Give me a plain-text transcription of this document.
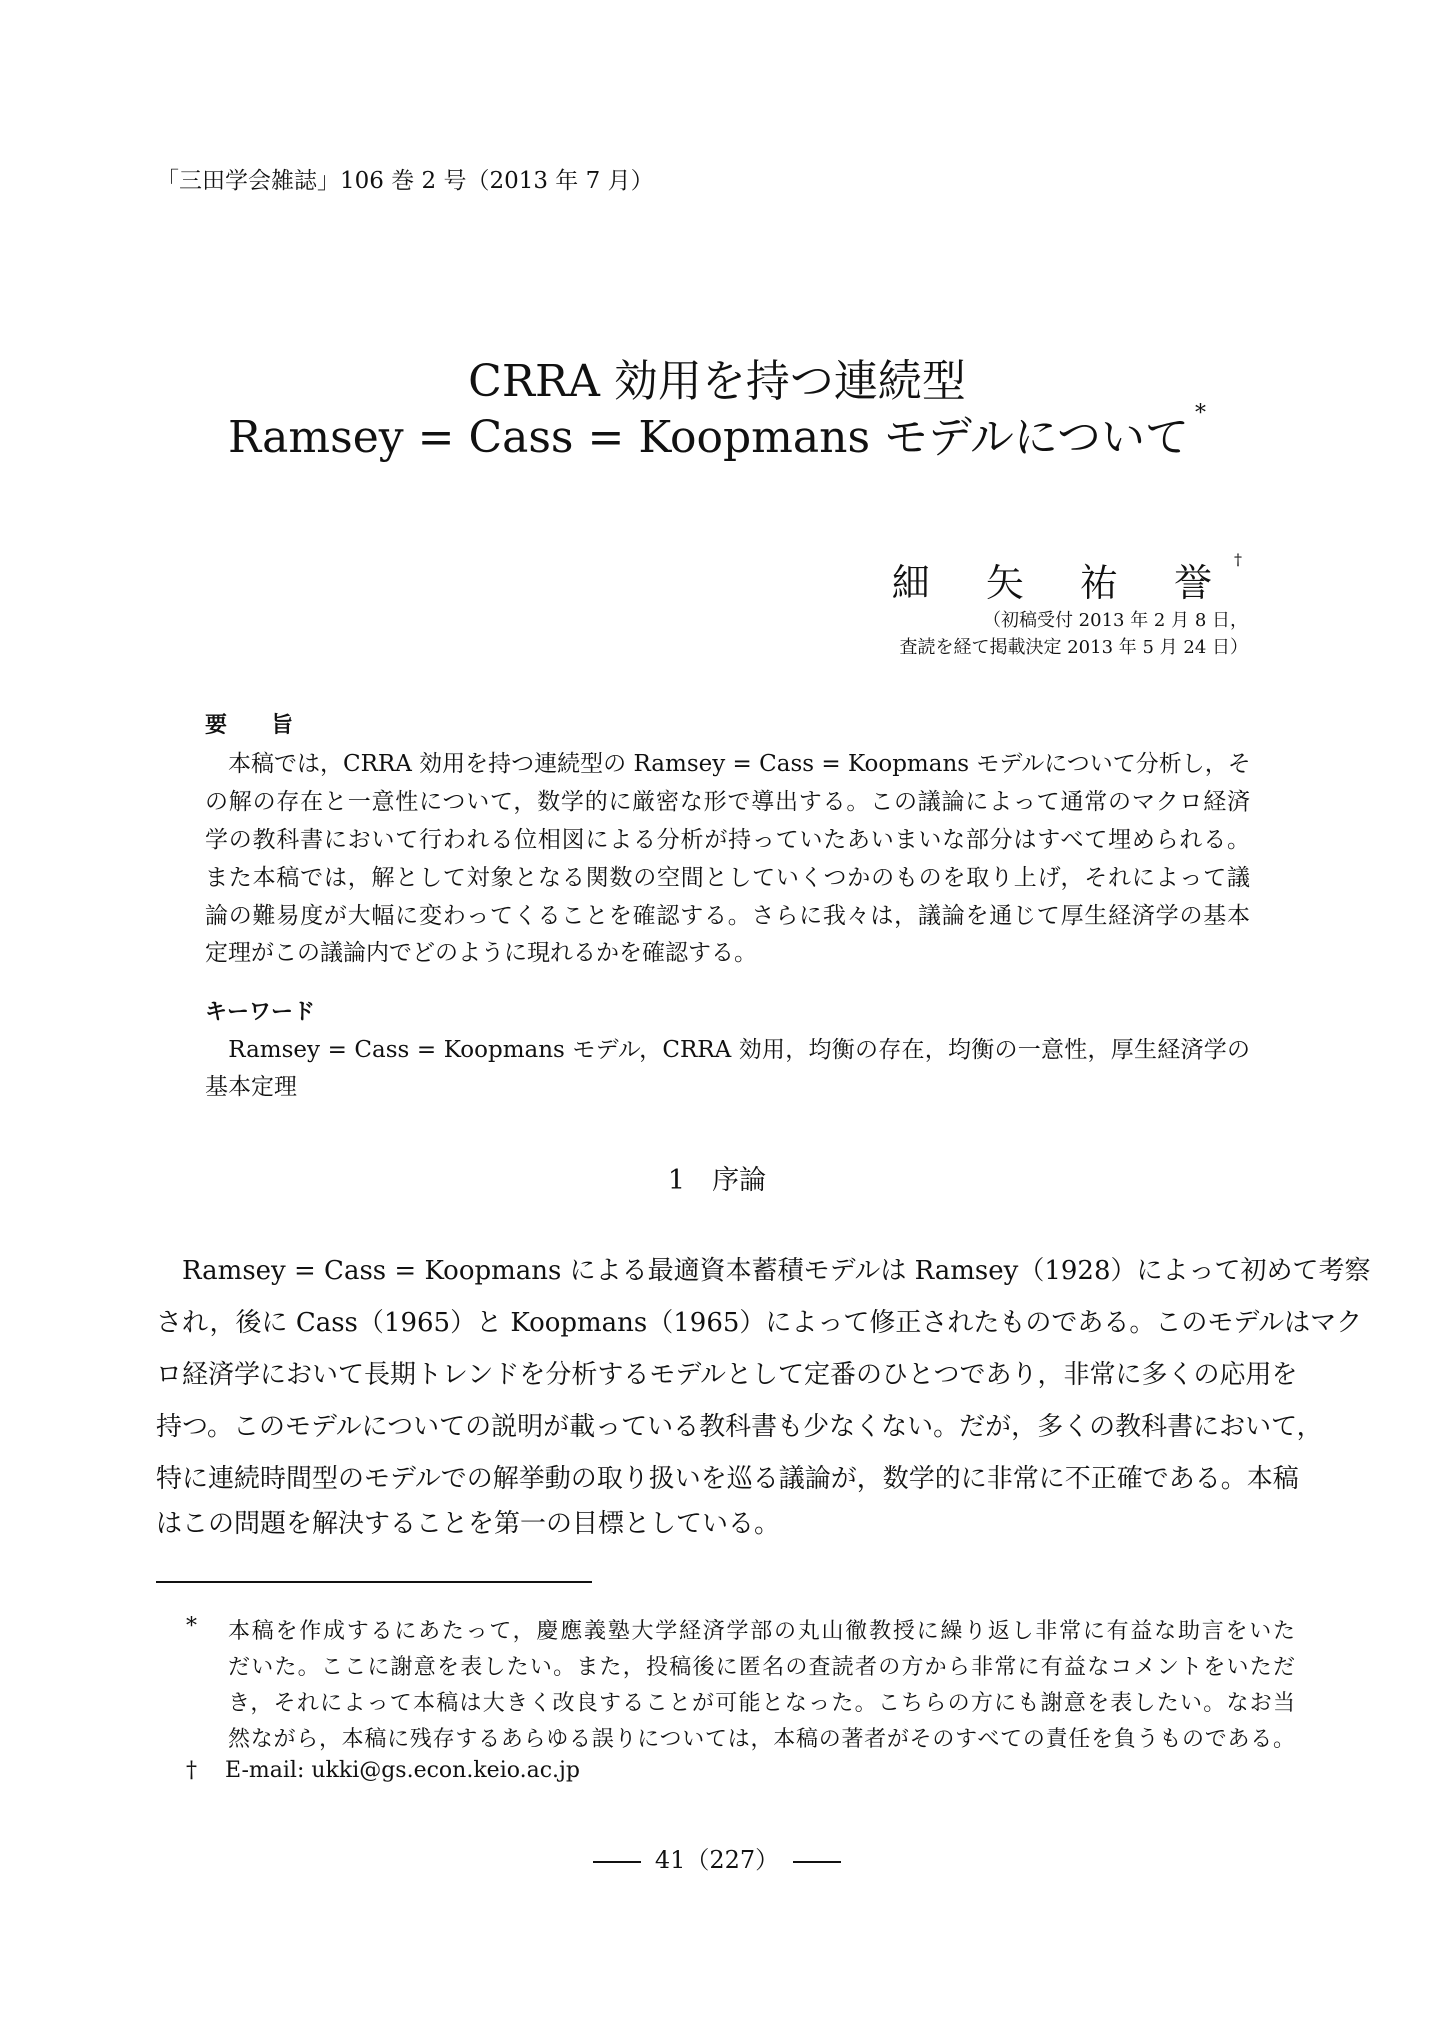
「三田学会雑誌」106 巻 2 号（2013 年 7 月）
CRRA 効用を持つ連続型
Ramsey = Cass = Koopmans モデルについて *
細 矢 祐 誉†
（初稿受付 2013 年 2 月 8 日，
査読を経て掲載決定 2013 年 5 月 24 日）
要　　旨
　本稿では，CRRA 効用を持つ連続型の Ramsey = Cass = Koopmans モデルについて分析し，そ
の解の存在と一意性について，数学的に厳密な形で導出する。この議論によって通常のマクロ経済
学の教科書において行われる位相図による分析が持っていたあいまいな部分はすべて埋められる。
また本稿では，解として対象となる関数の空間としていくつかのものを取り上げ，それによって議
論の難易度が大幅に変わってくることを確認する。さらに我々は，議論を通じて厚生経済学の基本
定理がこの議論内でどのように現れるかを確認する。
キーワード
　Ramsey = Cass = Koopmans モデル，CRRA 効用，均衡の存在，均衡の一意性，厚生経済学の
基本定理
1　 序論
　Ramsey = Cass = Koopmans による最適資本蓄積モデルは Ramsey（1928）によって初めて考察
され，後に Cass（1965）と Koopmans（1965）によって修正されたものである。このモデルはマク
ロ経済学において長期トレンドを分析するモデルとして定番のひとつであり，非常に多くの応用を
持つ。このモデルについての説明が載っている教科書も少なくない。だが，多くの教科書において，
特に連続時間型のモデルでの解挙動の取り扱いを巡る議論が，数学的に非常に不正確である。本稿
はこの問題を解決することを第一の目標としている。
* 本稿を作成するにあたって，慶應義塾大学経済学部の丸山徹教授に繰り返し非常に有益な助言をいた
だいた。ここに謝意を表したい。また，投稿後に匿名の査読者の方から非常に有益なコメントをいただ
き，それによって本稿は大きく改良することが可能となった。こちらの方にも謝意を表したい。なお当
然ながら，本稿に残存するあらゆる誤りについては，本稿の著者がそのすべての責任を負うものである。
† E-mail: ukki@gs.econ.keio.ac.jp
41（227）
